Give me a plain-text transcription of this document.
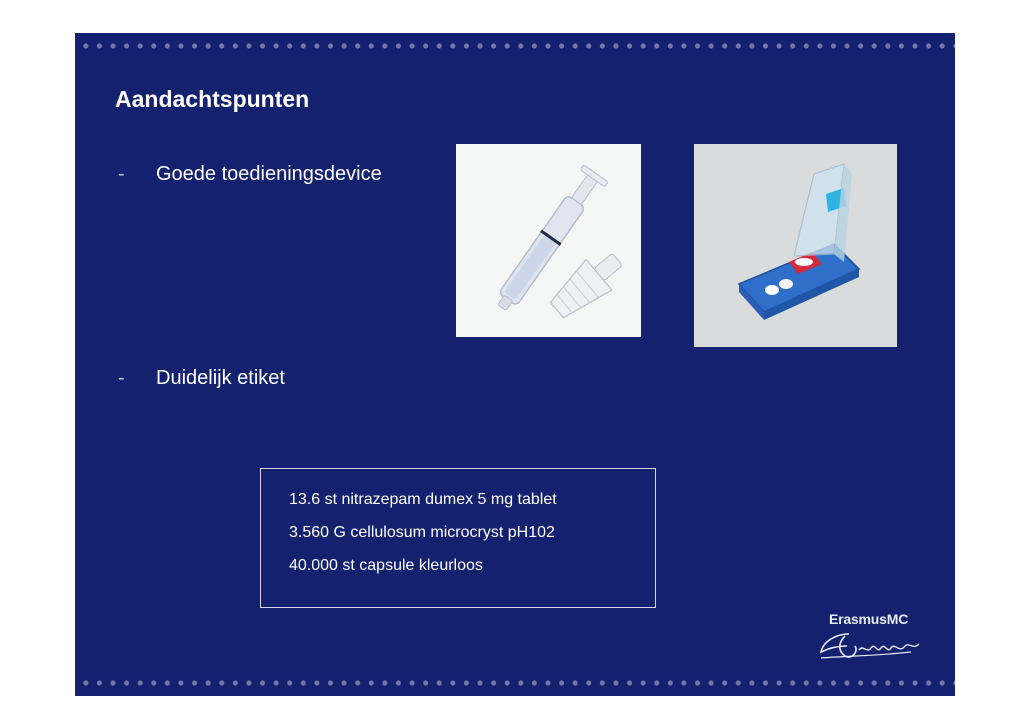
Aandachtspunten
- Goede toedieningsdevice
- Duidelijk etiket
13.6 st nitrazepam dumex 5 mg tablet
3.560 G cellulosum microcryst pH102
40.000 st capsule kleurloos
ErasmusMC
